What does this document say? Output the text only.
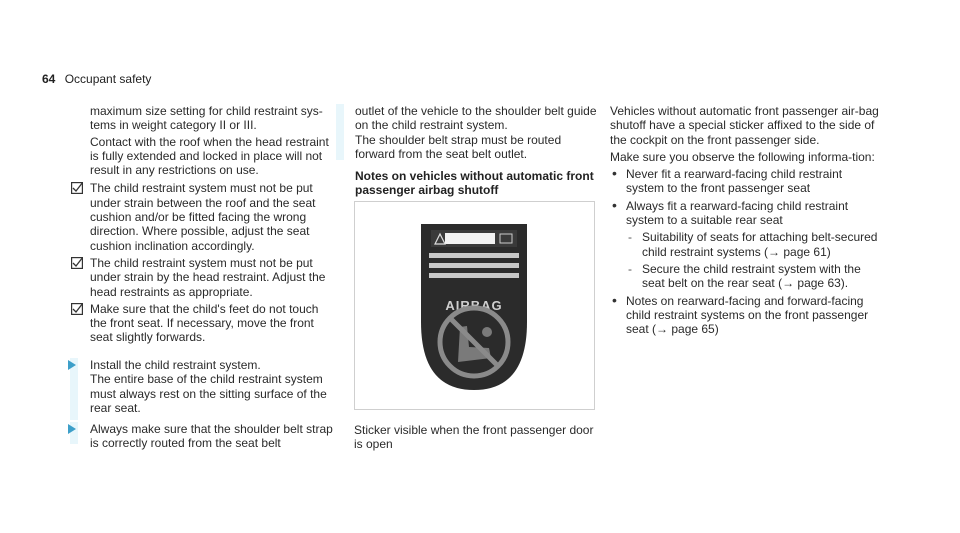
64 Occupant safety

maximum size setting for child restraint sys-

tems in weight category II or III.

Contact with the roof when the head restraint is fully extended and locked in place will not result in any restrictions on use.

The child restraint system must not be put under strain between the roof and the seat cushion and/or be fitted facing the wrong direction. Where possible, adjust the seat cushion inclination accordingly.

The child restraint system must not be put under strain by the head restraint. Adjust the head restraints as appropriate.

Make sure that the child's feet do not touch the front seat. If necessary, move the front seat slightly forwards.

Install the child restraint system.

The entire base of the child restraint system must always rest on the sitting surface of the rear seat.

Always make sure that the shoulder belt strap is correctly routed from the seat belt

outlet of the vehicle to the shoulder belt guide on the child restraint system.

The shoulder belt strap must be routed forward from the seat belt outlet.

Notes on vehicles without automatic front passenger airbag shutoff
AIRBAG
Sticker visible when the front passenger door is open

Vehicles without automatic front passenger air-bag shutoff have a special sticker affixed to the side of the cockpit on the front passenger side.

Make sure you observe the following informa-tion:

• Never fit a rearward-facing child restraint system to the front passenger seat
• Always fit a rearward-facing child restraint system to a suitable rear seat
- Suitability of seats for attaching belt-secured child restraint systems (→ page 61)
- Secure the child restraint system with the seat belt on the rear seat (→ page 63).
• Notes on rearward-facing and forward-facing child restraint systems on the front passenger seat (→ page 65)
